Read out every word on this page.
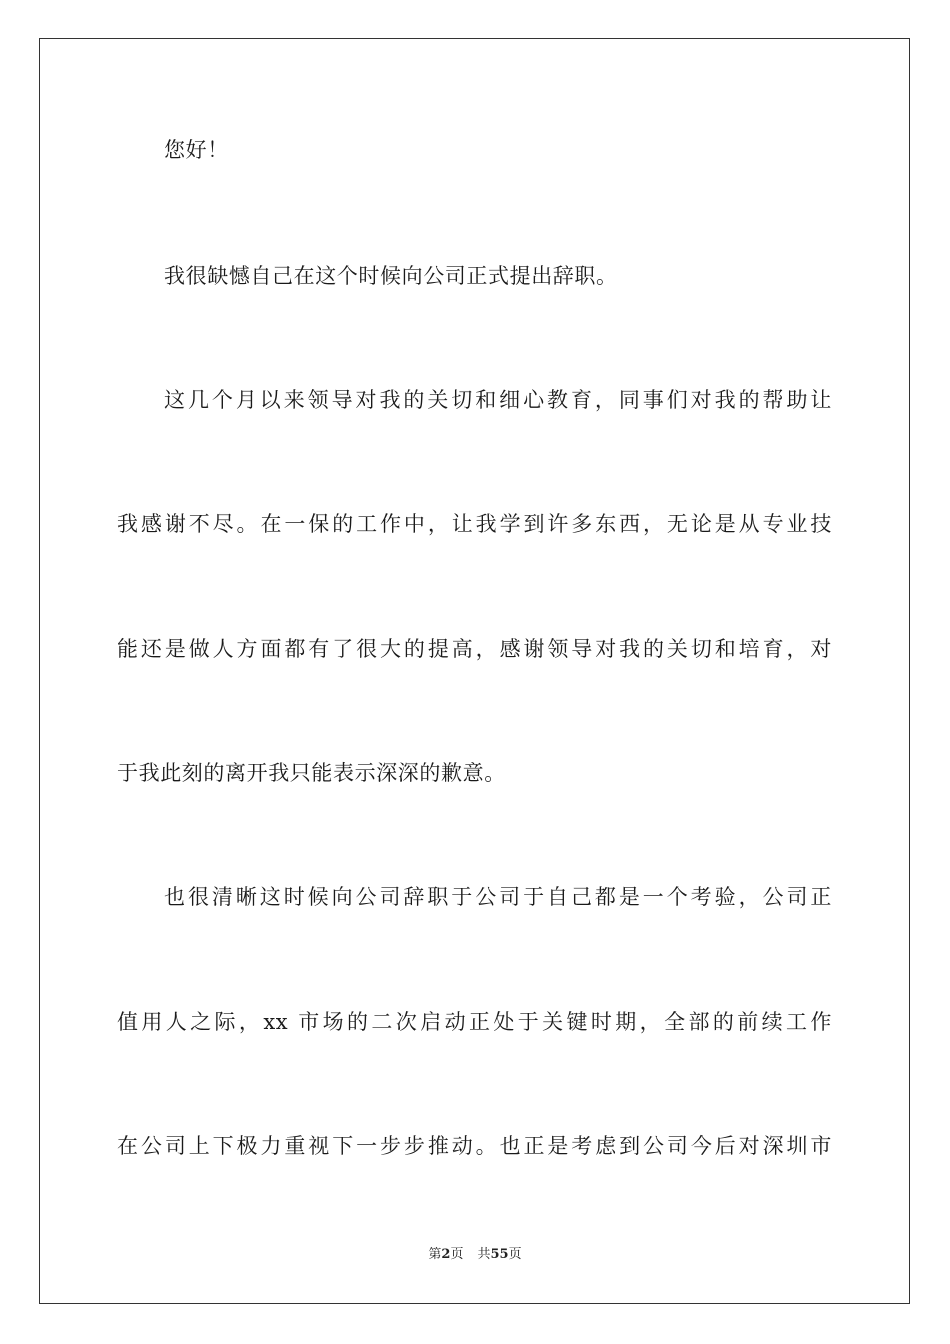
您好！
我很缺憾自己在这个时候向公司正式提出辞职。
这几个月以来领导对我的关切和细心教育，同事们对我的帮助让
我感谢不尽。在一保的工作中，让我学到许多东西，无论是从专业技
能还是做人方面都有了很大的提高，感谢领导对我的关切和培育，对
于我此刻的离开我只能表示深深的歉意。
也很清晰这时候向公司辞职于公司于自己都是一个考验，公司正
值用人之际，xx 市场的二次启动正处于关键时期，全部的前续工作
在公司上下极力重视下一步步推动。也正是考虑到公司今后对深圳市
第2页 共55页
